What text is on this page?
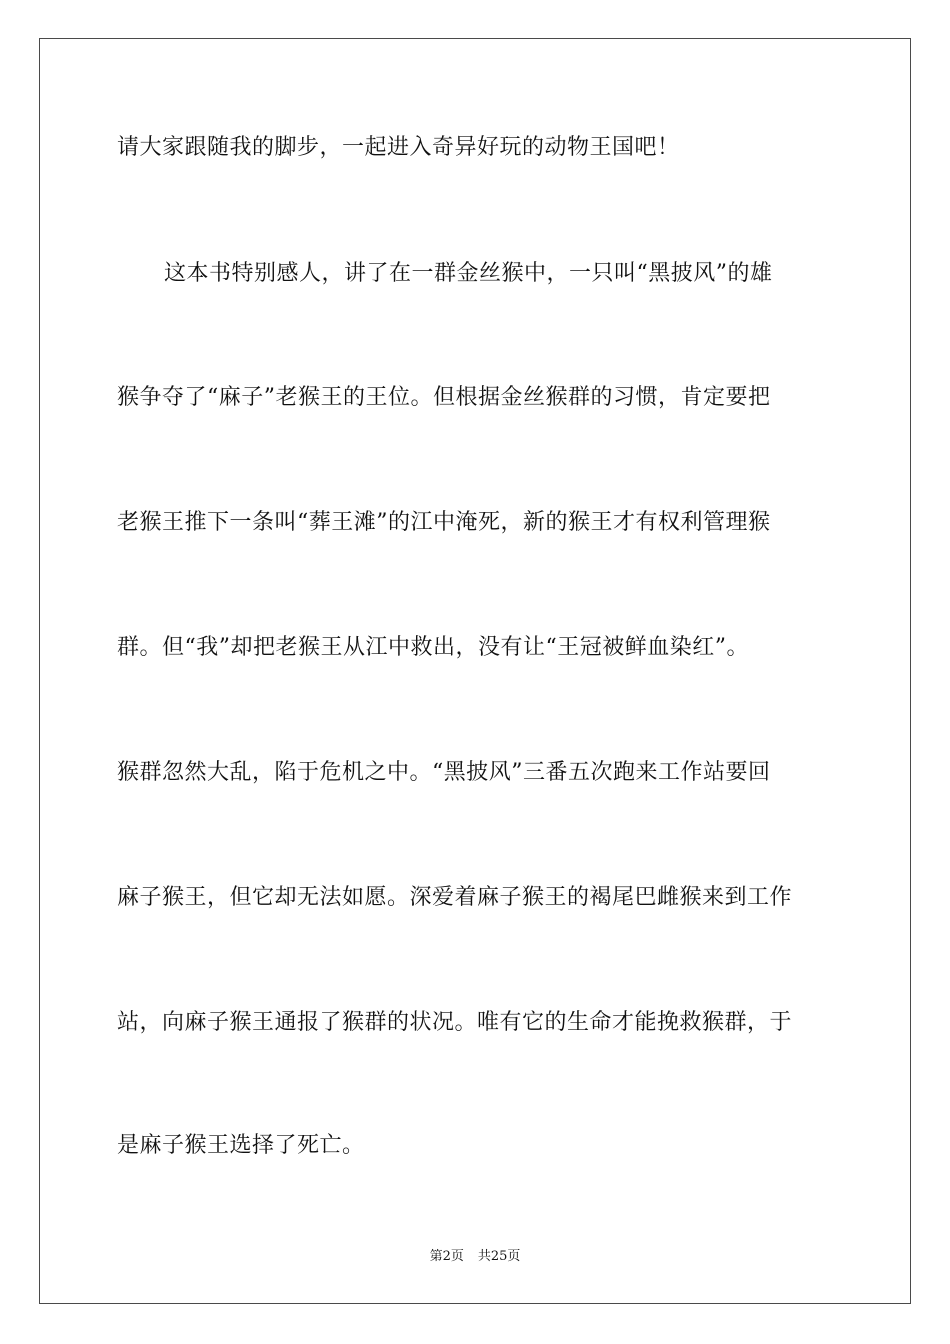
请大家跟随我的脚步，一起进入奇异好玩的动物王国吧！
这本书特别感人，讲了在一群金丝猴中，一只叫“黑披风”的雄
猴争夺了“麻子”老猴王的王位。但根据金丝猴群的习惯，肯定要把
老猴王推下一条叫“葬王滩”的江中淹死，新的猴王才有权利管理猴
群。但“我”却把老猴王从江中救出，没有让“王冠被鲜血染红”。
猴群忽然大乱，陷于危机之中。“黑披风”三番五次跑来工作站要回
麻子猴王，但它却无法如愿。深爱着麻子猴王的褐尾巴雌猴来到工作
站，向麻子猴王通报了猴群的状况。唯有它的生命才能挽救猴群，于
是麻子猴王选择了死亡。
第2页 共25页
